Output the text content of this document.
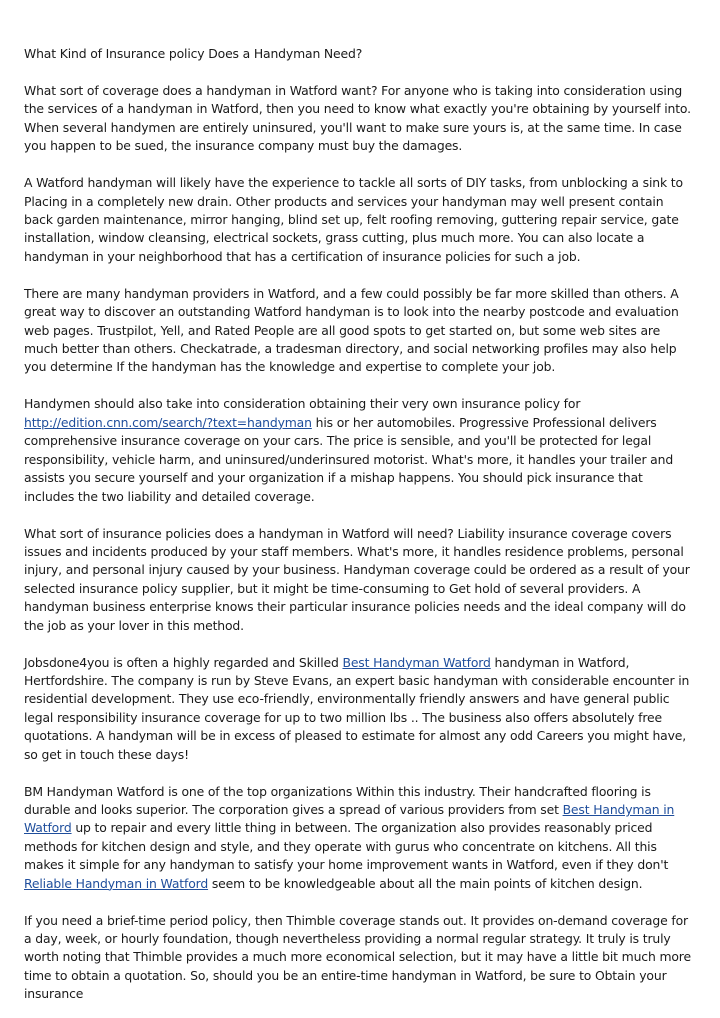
What Kind of Insurance policy Does a Handyman Need?

What sort of coverage does a handyman in Watford want? For anyone who is taking into consideration using the services of a handyman in Watford, then you need to know what exactly you're obtaining by yourself into. When several handymen are entirely uninsured, you'll want to make sure yours is, at the same time. In case you happen to be sued, the insurance company must buy the damages.

A Watford handyman will likely have the experience to tackle all sorts of DIY tasks, from unblocking a sink to Placing in a completely new drain. Other products and services your handyman may well present contain back garden maintenance, mirror hanging, blind set up, felt roofing removing, guttering repair service, gate installation, window cleansing, electrical sockets, grass cutting, plus much more. You can also locate a handyman in your neighborhood that has a certification of insurance policies for such a job.

There are many handyman providers in Watford, and a few could possibly be far more skilled than others. A great way to discover an outstanding Watford handyman is to look into the nearby postcode and evaluation web pages. Trustpilot, Yell, and Rated People are all good spots to get started on, but some web sites are much better than others. Checkatrade, a tradesman directory, and social networking profiles may also help you determine If the handyman has the knowledge and expertise to complete your job.

Handymen should also take into consideration obtaining their very own insurance policy for http://edition.cnn.com/search/?text=handyman his or her automobiles. Progressive Professional delivers comprehensive insurance coverage on your cars. The price is sensible, and you'll be protected for legal responsibility, vehicle harm, and uninsured/underinsured motorist. What's more, it handles your trailer and assists you secure yourself and your organization if a mishap happens. You should pick insurance that includes the two liability and detailed coverage.

What sort of insurance policies does a handyman in Watford will need? Liability insurance coverage covers issues and incidents produced by your staff members. What's more, it handles residence problems, personal injury, and personal injury caused by your business. Handyman coverage could be ordered as a result of your selected insurance policy supplier, but it might be time-consuming to Get hold of several providers. A handyman business enterprise knows their particular insurance policies needs and the ideal company will do the job as your lover in this method.

Jobsdone4you is often a highly regarded and Skilled Best Handyman Watford handyman in Watford, Hertfordshire. The company is run by Steve Evans, an expert basic handyman with considerable encounter in residential development. They use eco-friendly, environmentally friendly answers and have general public legal responsibility insurance coverage for up to two million lbs .. The business also offers absolutely free quotations. A handyman will be in excess of pleased to estimate for almost any odd Careers you might have, so get in touch these days!

BM Handyman Watford is one of the top organizations Within this industry. Their handcrafted flooring is durable and looks superior. The corporation gives a spread of various providers from set Best Handyman in Watford up to repair and every little thing in between. The organization also provides reasonably priced methods for kitchen design and style, and they operate with gurus who concentrate on kitchens. All this makes it simple for any handyman to satisfy your home improvement wants in Watford, even if they don't Reliable Handyman in Watford seem to be knowledgeable about all the main points of kitchen design.

If you need a brief-time period policy, then Thimble coverage stands out. It provides on-demand coverage for a day, week, or hourly foundation, though nevertheless providing a normal regular strategy. It truly is truly worth noting that Thimble provides a much more economical selection, but it may have a little bit much more time to obtain a quotation. So, should you be an entire-time handyman in Watford, be sure to Obtain your insurance
